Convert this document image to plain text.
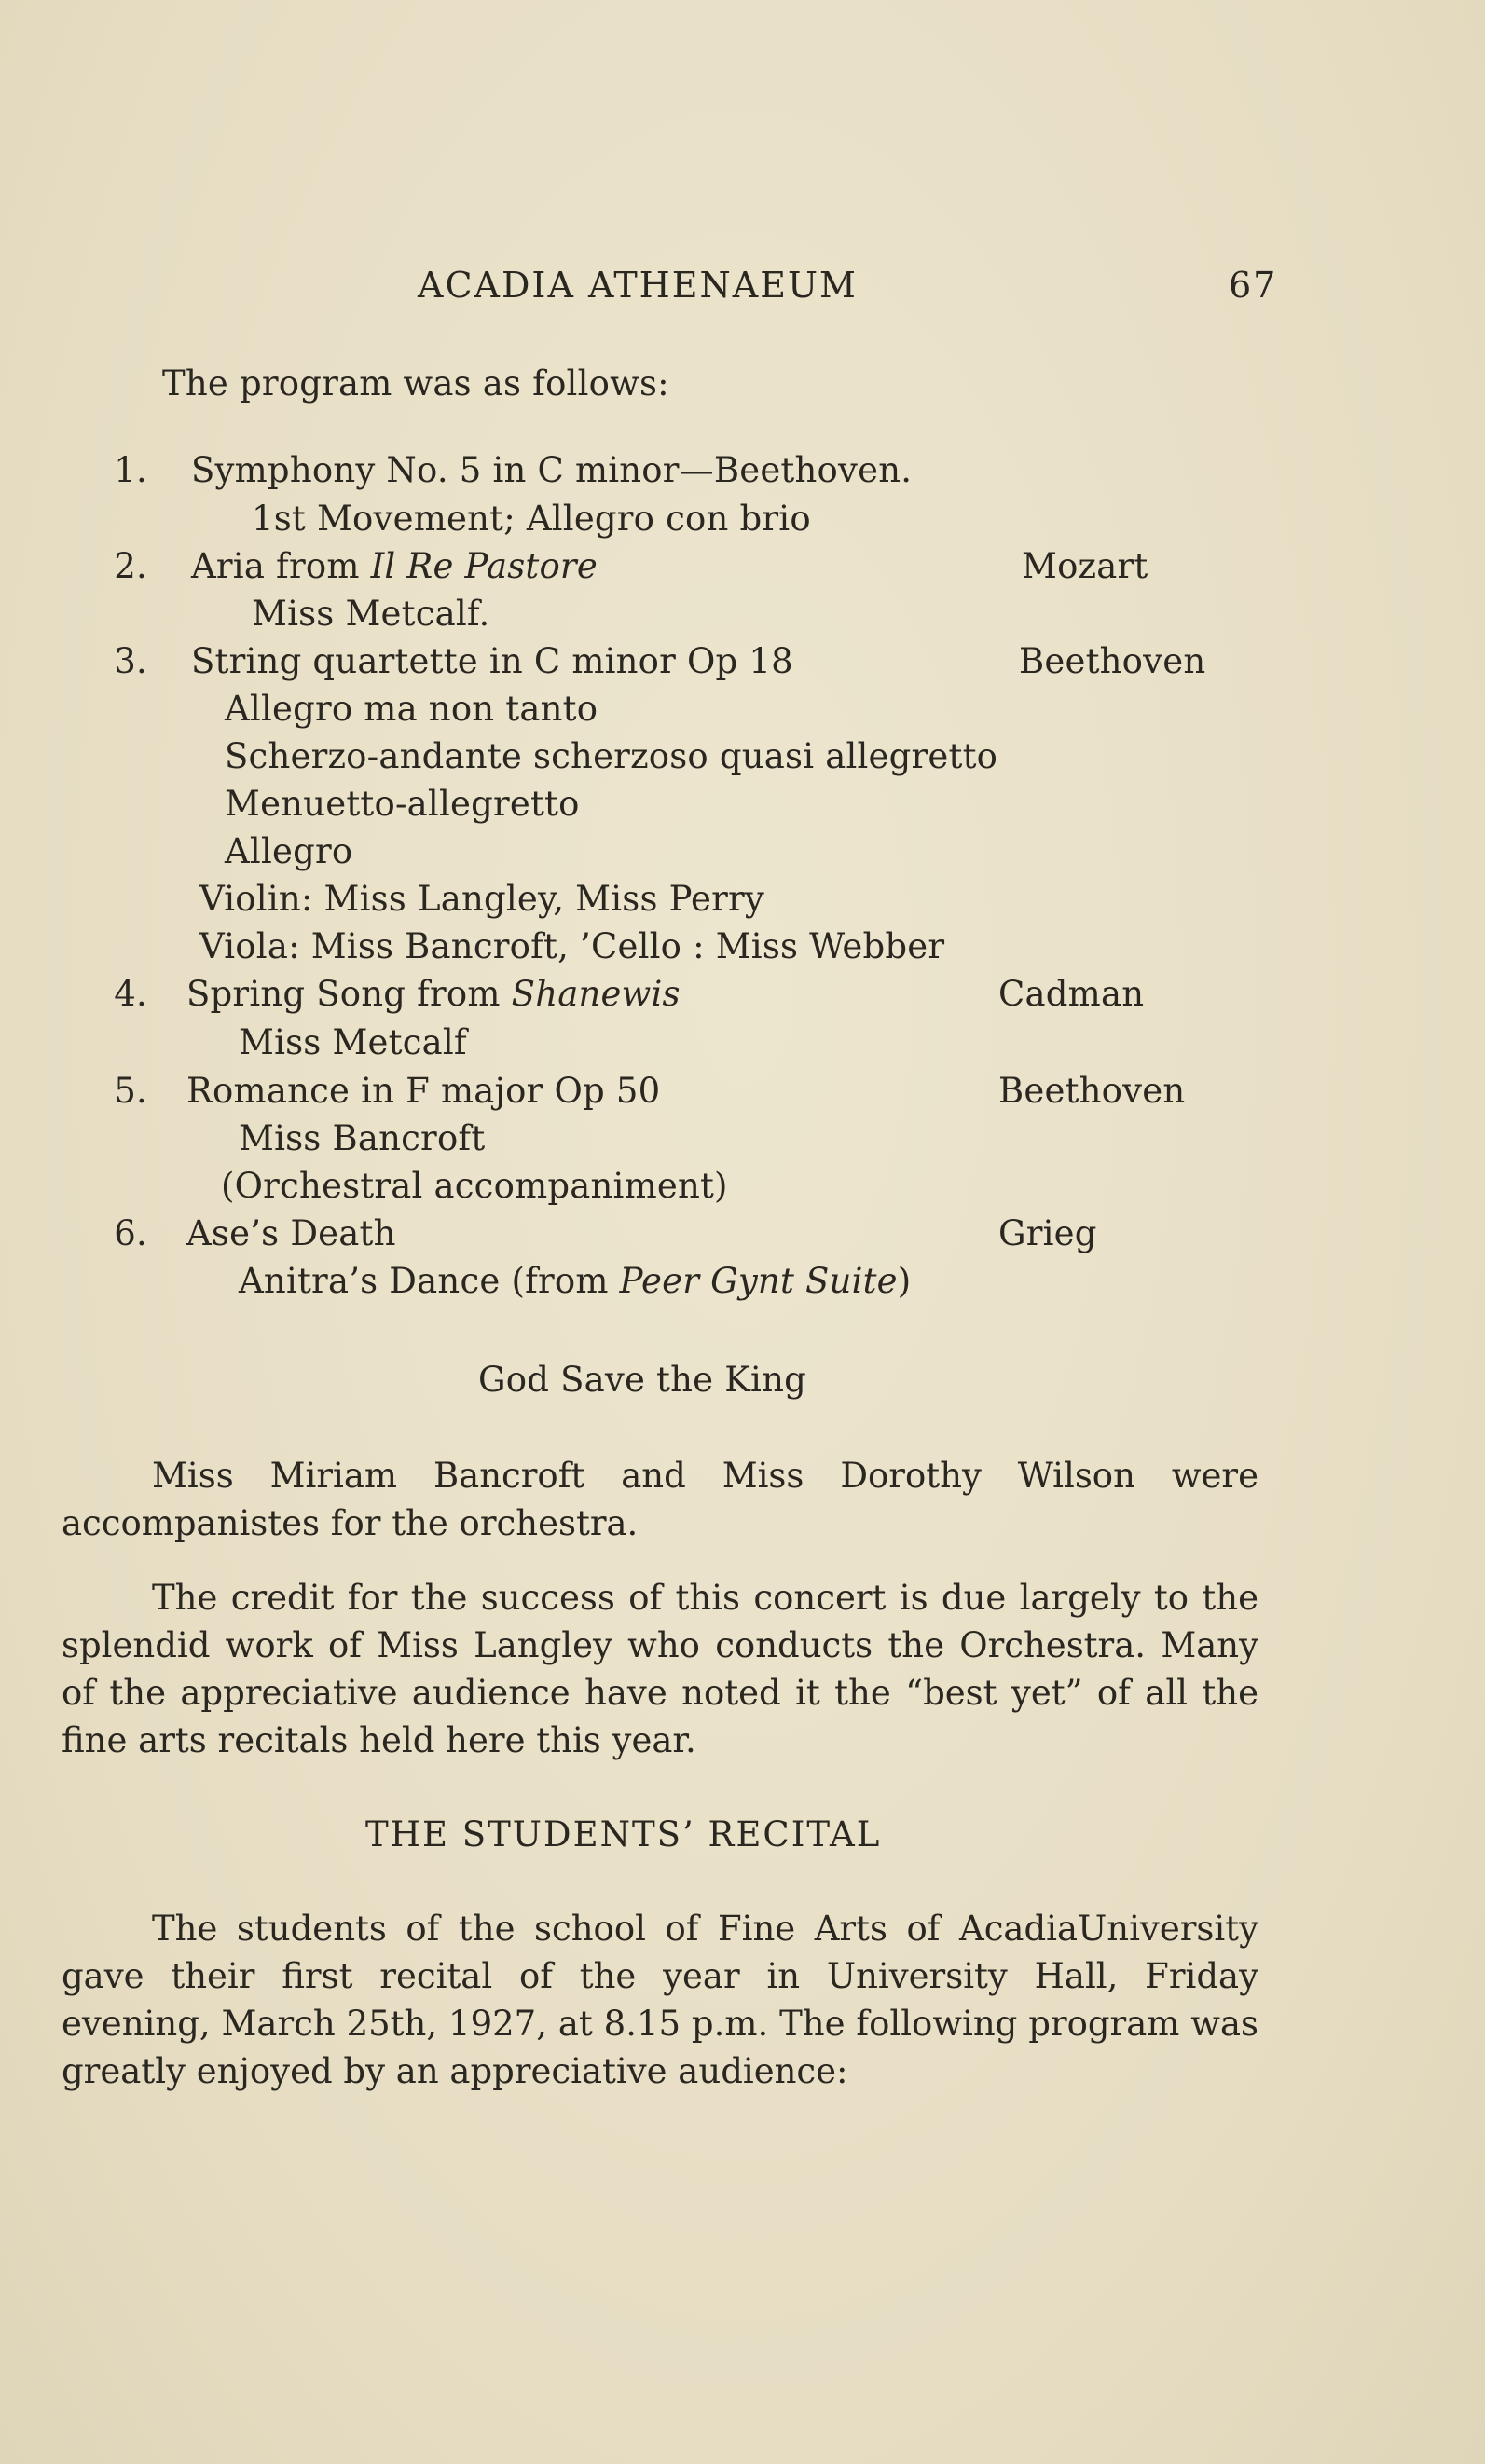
ACADIA ATHENAEUM	67
The program was as follows:
1. Symphony No. 5 in C minor—Beethoven.
1st Movement; Allegro con brio
2. Aria from Il Re Pastore	Mozart
Miss Metcalf.
3. String quartette in C minor Op 18	Beethoven
Allegro ma non tanto
Scherzo-andante scherzoso quasi allegretto
Menuetto-allegretto
Allegro
Violin: Miss Langley, Miss Perry
Viola: Miss Bancroft, ’Cello : Miss Webber
4. Spring Song from Shanewis	Cadman
Miss Metcalf
5. Romance in F major Op 50	Beethoven
Miss Bancroft
(Orchestral accompaniment)
6. Ase’s Death	Grieg
Anitra’s Dance (from Peer Gynt Suite)
God Save the King
Miss Miriam Bancroft and Miss Dorothy Wilson were accompanistes for the orchestra.
The credit for the success of this concert is due largely to the splendid work of Miss Langley who conducts the Orchestra. Many of the appreciative audience have noted it the “best yet” of all the fine arts recitals held here this year.
THE STUDENTS’ RECITAL
The students of the school of Fine Arts of AcadiaUniversity gave their first recital of the year in University Hall, Friday evening, March 25th, 1927, at 8.15 p.m. The following program was greatly enjoyed by an appreciative audience:
